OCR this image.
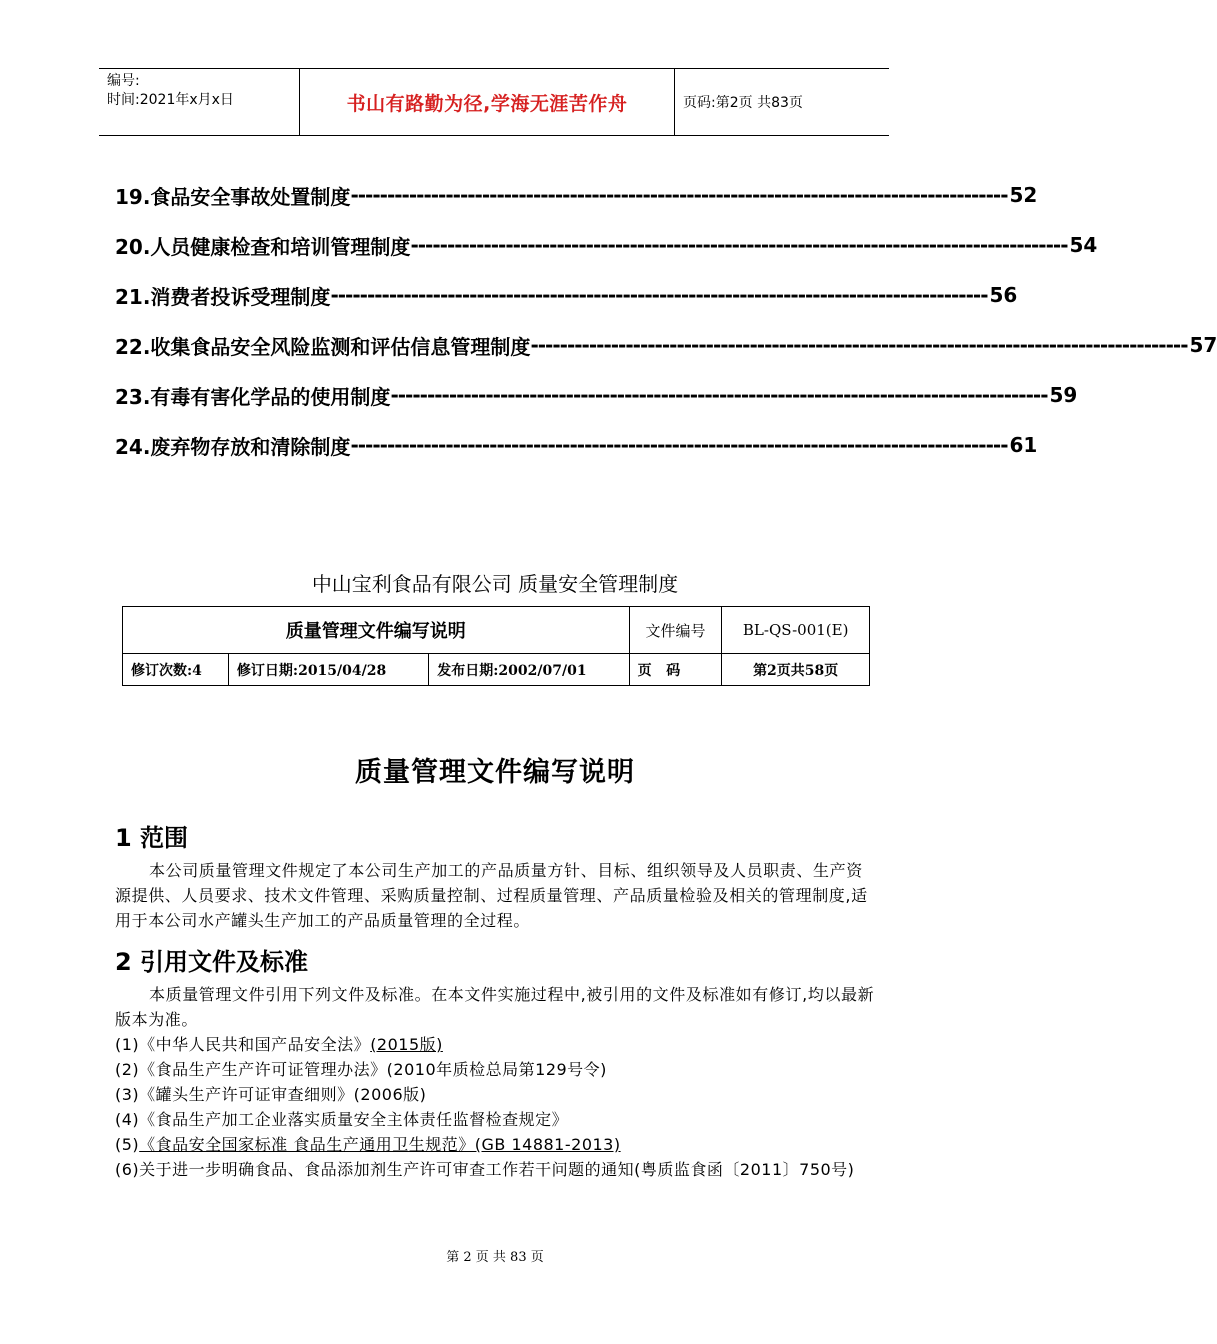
编号:
时间:2021年x月x日	书山有路勤为径,学海无涯苦作舟	页码:第2页 共83页
19.食品安全事故处置制度 ------------------------------------------------------------------------------------------ 52
20.人员健康检查和培训管理制度 ------------------------------------------------------------------------------------------ 54
21.消费者投诉受理制度 ------------------------------------------------------------------------------------------ 56
22.收集食品安全风险监测和评估信息管理制度 ------------------------------------------------------------------------------------------ 57
23.有毒有害化学品的使用制度 ------------------------------------------------------------------------------------------ 59
24.废弃物存放和清除制度 ------------------------------------------------------------------------------------------ 61
中山宝利食品有限公司 质量安全管理制度
质量管理文件编写说明			文件编号	BL-QS-001(E)
修订次数:4	修订日期:2015/04/28	发布日期:2002/07/01	页   码	第2页共58页
质量管理文件编写说明
1 范围
本公司质量管理文件规定了本公司生产加工的产品质量方针、目标、组织领导及人员职责、生产资源提供、人员要求、技术文件管理、采购质量控制、过程质量管理、产品质量检验及相关的管理制度,适用于本公司水产罐头生产加工的产品质量管理的全过程。
2 引用文件及标准
本质量管理文件引用下列文件及标准。在本文件实施过程中,被引用的文件及标准如有修订,均以最新版本为准。
(1)《中华人民共和国产品安全法》(2015版)
(2)《食品生产生产许可证管理办法》(2010年质检总局第129号令)
(3)《罐头生产许可证审查细则》(2006版)
(4)《食品生产加工企业落实质量安全主体责任监督检查规定》
(5)《食品安全国家标准 食品生产通用卫生规范》(GB 14881-2013)
(6)关于进一步明确食品、食品添加剂生产许可审查工作若干问题的通知(粤质监食函〔2011〕750号)
第 2 页 共 83 页
